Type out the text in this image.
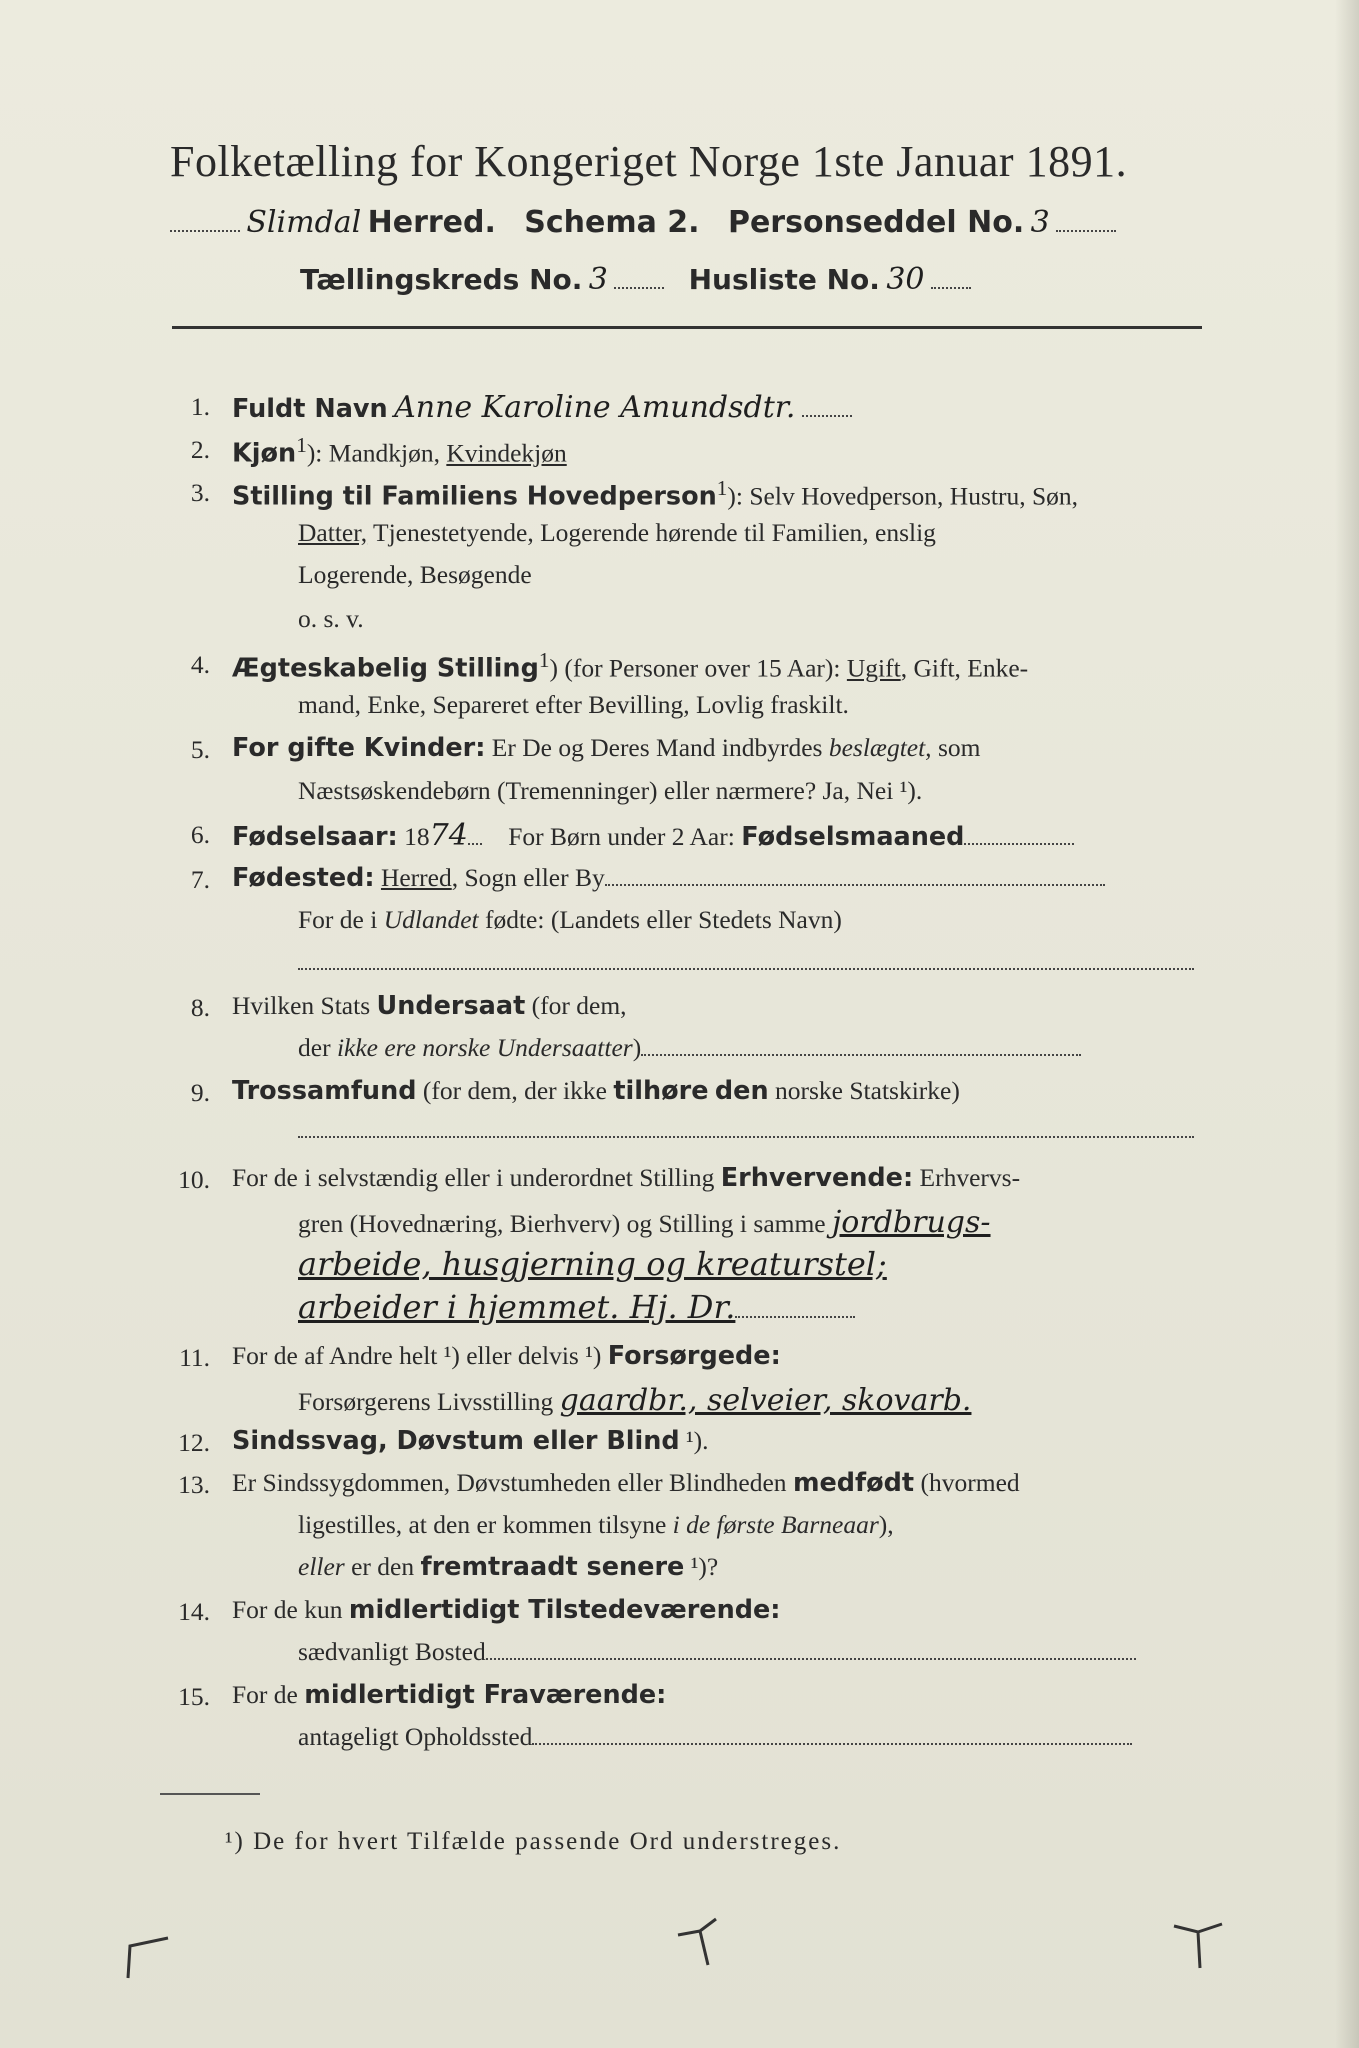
Folketælling for Kongeriget Norge 1ste Januar 1891.
Slimdal Herred. Schema 2. Personseddel No. 3
Tællingskreds No. 3	Husliste No. 30
1. Fuldt Navn Anne Karoline Amundsdtr.
2. Kjøn$^1$): Mandkjøn, Kvindekjøn
3. Stilling til Familiens Hovedperson$^1$): Selv Hovedperson, Hustru, Søn,
Datter, Tjenestetyende, Logerende hørende til Familien, enslig
Logerende, Besøgende
o. s. v.
4. Ægteskabelig Stilling$^1$) (for Personer over 15 Aar): Ugift, Gift, Enke-
mand, Enke, Separeret efter Bevilling, Lovlig fraskilt.
5. For gifte Kvinder: Er De og Deres Mand indbyrdes beslægtet, som
Næstsøskendebørn (Tremenninger) eller nærmere? Ja, Nei ¹).
6. Fødselsaar: 1874 For Børn under 2 Aar: Fødselsmaaned
7. Fødested: Herred, Sogn eller By
For de i Udlandet fødte: (Landets eller Stedets Navn)
8. Hvilken Stats Undersaat (for dem,
der ikke ere norske Undersaatter)
9. Trossamfund (for dem, der ikke tilhøre den norske Statskirke)
10. For de i selvstændig eller i underordnet Stilling Erhvervende: Erhvervs-
gren (Hovednæring, Bierhverv) og Stilling i samme jordbrugs-
arbeide, husgjerning og kreaturstel;
arbeider i hjemmet. Hj. Dr.
11. For de af Andre helt ¹) eller delvis ¹) Forsørgede:
Forsørgerens Livsstilling gaardbr., selveier, skovarb.
12. Sindssvag, Døvstum eller Blind ¹).
13. Er Sindssygdommen, Døvstumheden eller Blindheden medfødt (hvormed
ligestilles, at den er kommen tilsyne i de første Barneaar),
eller er den fremtraadt senere ¹)?
14. For de kun midlertidigt Tilstedeværende:
sædvanligt Bosted
15. For de midlertidigt Fraværende:
antageligt Opholdssted
¹) De for hvert Tilfælde passende Ord understreges.
